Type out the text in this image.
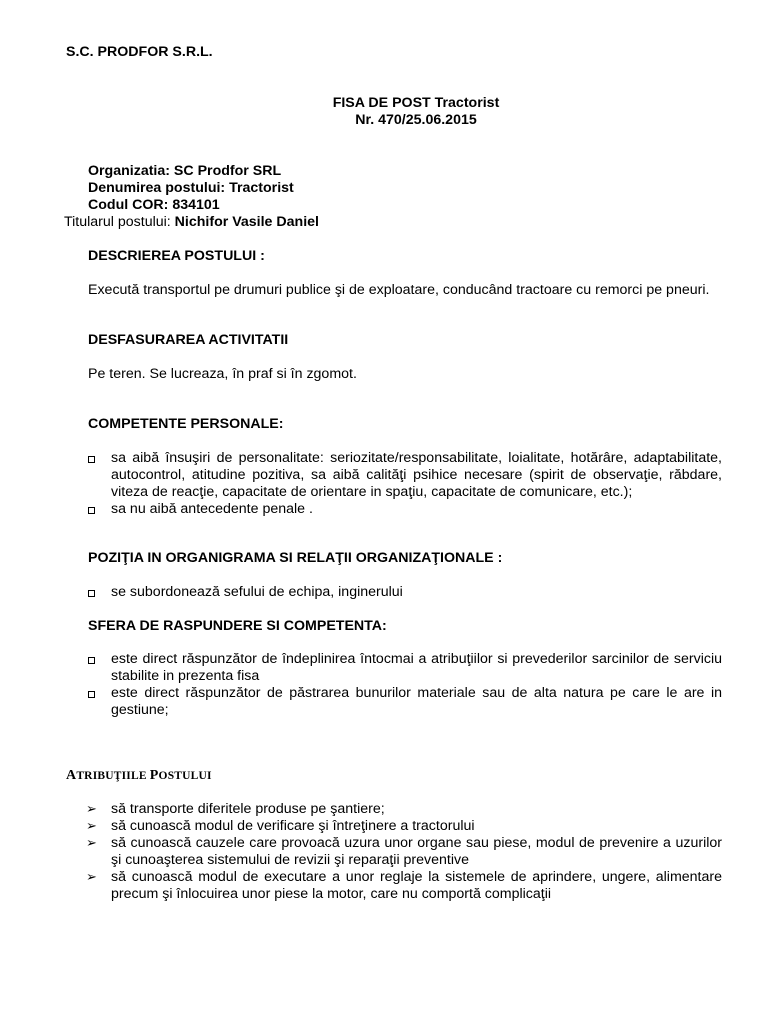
S.C. PRODFOR S.R.L.
FISA DE POST Tractorist
Nr. 470/25.06.2015
Organizatia: SC Prodfor SRL
Denumirea postului: Tractorist
Codul COR: 834101
Titularul postului: Nichifor Vasile Daniel
DESCRIEREA POSTULUI :
Execută transportul pe drumuri publice şi de exploatare, conducând tractoare cu remorci pe pneuri.
DESFASURAREA ACTIVITATII
Pe teren. Se lucreaza, în praf si în zgomot.
COMPETENTE PERSONALE:
sa aibă însuşiri de personalitate: seriozitate/responsabilitate, loialitate, hotărâre, adaptabilitate, autocontrol, atitudine pozitiva, sa aibă calităţi psihice necesare (spirit de observaţie, răbdare, viteza de reacţie, capacitate de orientare in spaţiu, capacitate de comunicare, etc.);
sa nu aibă antecedente penale .
POZIŢIA IN ORGANIGRAMA SI RELAŢII ORGANIZAŢIONALE :
se subordonează sefului de echipa, inginerului
SFERA DE RASPUNDERE SI COMPETENTA:
este direct răspunzător de îndeplinirea întocmai a atribuţiilor si prevederilor sarcinilor de serviciu stabilite in prezenta fisa
este direct răspunzător de păstrarea bunurilor materiale sau de alta natura pe care le are in gestiune;
ATRIBUŢIILE POSTULUI
➢ să transporte diferitele produse pe şantiere;
➢ să cunoască modul de verificare şi întreţinere a tractorului
➢ să cunoască cauzele care provoacă uzura unor organe sau piese, modul de prevenire a uzurilor şi cunoaşterea sistemului de revizii şi reparaţii preventive
➢ să cunoască modul de executare a unor reglaje la sistemele de aprindere, ungere, alimentare precum şi înlocuirea unor piese la motor, care nu comportă complicaţii
